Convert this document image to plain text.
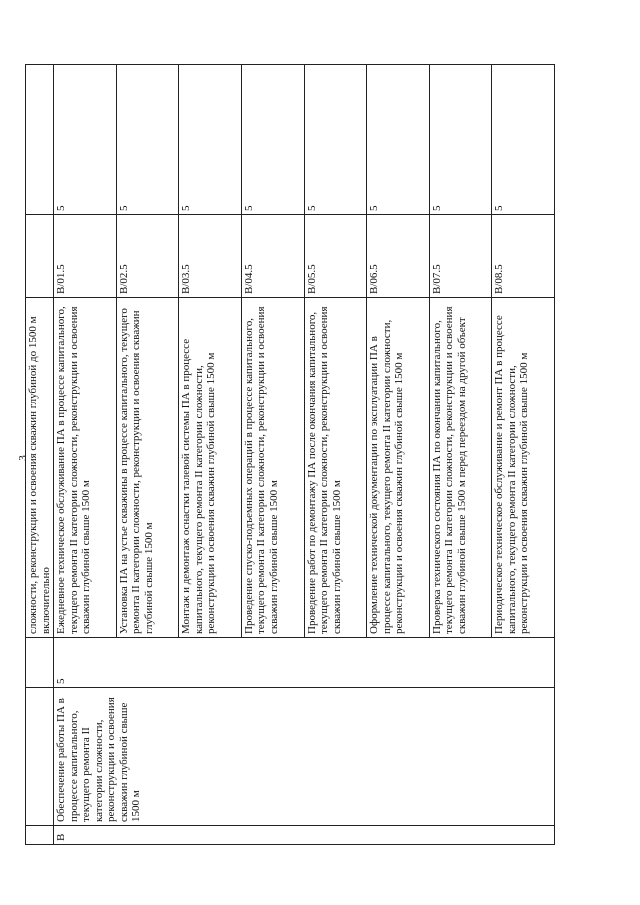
3
			сложности, реконструкции и освоения скважин глубиной до 1500 м включительно		
B	Обеспечение работы ПА в процессе капитального, текущего ремонта II категории сложности, реконструкции и освоения скважин глубиной свыше 1500 м	5	Ежедневное техническое обслуживание ПА в процессе капитального, текущего ремонта II категории сложности, реконструкции и освоения скважин глубиной свыше 1500 м	B/01.5	5
			Установка ПА на устье скважины в процессе капитального, текущего ремонта II категории сложности, реконструкции и освоения скважин глубиной свыше 1500 м	B/02.5	5
			Монтаж и демонтаж оснастки талевой системы ПА в процессе капитального, текущего ремонта II категории сложности, реконструкции и освоения скважин глубиной свыше 1500 м	B/03.5	5
			Проведение спуско-подъемных операций в процессе капитального, текущего ремонта II категории сложности, реконструкции и освоения скважин глубиной свыше 1500 м	B/04.5	5
			Проведение работ по демонтажу ПА после окончания капитального, текущего ремонта II категории сложности, реконструкции и освоения скважин глубиной свыше 1500 м	B/05.5	5
			Оформление технической документации по эксплуатации ПА в процессе капитального, текущего ремонта II категории сложности, реконструкции и освоения скважин глубиной свыше 1500 м	B/06.5	5
			Проверка технического состояния ПА по окончании капитального, текущего ремонта II категории сложности, реконструкции и освоения скважин глубиной свыше 1500 м перед переездом на другой объект	B/07.5	5
			Периодическое техническое обслуживание и ремонт ПА в процессе капитального, текущего ремонта II категории сложности, реконструкции и освоения скважин глубиной свыше 1500 м	B/08.5	5
